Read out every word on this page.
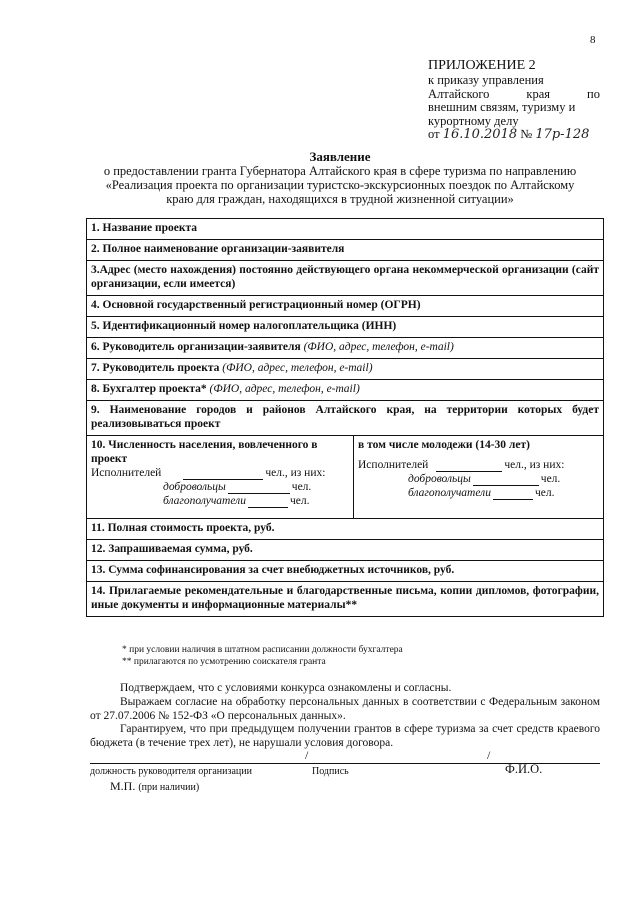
8
ПРИЛОЖЕНИЕ 2
к приказу управления
Алтайского	края	по
внешним связям, туризму и
курортному делу
от 16.10.2018 № 17р-128
Заявление
о предоставлении гранта Губернатора Алтайского края в сфере туризма по направлению
«Реализация проекта по организации туристско-экскурсионных поездок по Алтайскому
краю для граждан, находящихся в трудной жизненной ситуации»
1. Название проекта
2. Полное наименование организации-заявителя
3.Адрес (место нахождения) постоянно действующего органа некоммерческой организации (сайт организации, если имеется)
4. Основной государственный регистрационный номер (ОГРН)
5. Идентификационный номер налогоплательщика (ИНН)
6. Руководитель организации-заявителя (ФИО, адрес, телефон, e-mail)
7. Руководитель проекта (ФИО, адрес, телефон, e-mail)
8. Бухгалтер проекта* (ФИО, адрес, телефон, e-mail)
9. Наименование городов и районов Алтайского края, на территории которых будет реализовываться проект

10. Численность населения, вовлеченного в проект
Исполнителей	чел., из них:
добровольцы	чел.
благополучатели	чел.

в том числе молодежи (14-30 лет)
Исполнителей	чел., из них:
добровольцы	чел.
благополучатели	чел.

11. Полная стоимость проекта, руб.
12. Запрашиваемая сумма, руб.
13. Сумма софинансирования за счет внебюджетных источников, руб.
14. Прилагаемые рекомендательные и благодарственные письма, копии дипломов, фотографии, иные документы и информационные материалы**
* при условии наличия в штатном расписании должности бухгалтера
** прилагаются по усмотрению соискателя гранта
Подтверждаем, что с условиями конкурса ознакомлены и согласны.
Выражаем согласие на обработку персональных данных в соответствии с Федеральным законом от 27.07.2006 № 152-ФЗ «О персональных данных».
Гарантируем, что при предыдущем получении грантов в сфере туризма за счет средств краевого бюджета (в течение трех лет), не нарушали условия договора.
/	/
должность руководителя организации	Подпись	Ф.И.О.
М.П. (при наличии)
